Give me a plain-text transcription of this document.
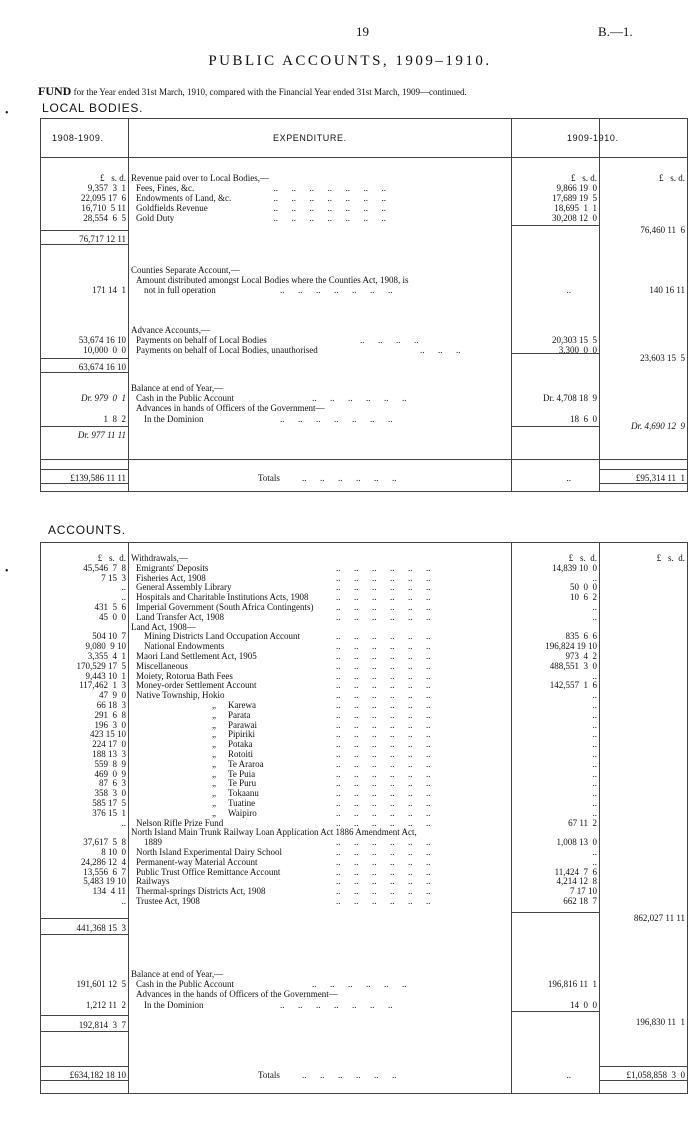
19	B.—1.
PUBLIC ACCOUNTS, 1909–1910.
FUND for the Year ended 31st March, 1910, compared with the Financial Year ended 31st March, 1909—continued.
•	LOCAL BODIES.
1908-1909.	EXPENDITURE.	1909-1910.
£   s. d.	£   s. d.	£   s. d.
Revenue paid over to Local Bodies,—
9,357  3  1 Fees, Fines, &c.	..      ..      ..      ..      ..      ..      ..	9,866 19  0
22,095 17  6 Endowments of Land, &c.	..      ..      ..      ..      ..      ..      ..	17,689 19  5
16,710  5 11 Goldfields Revenue	..      ..      ..      ..      ..      ..      ..	18,695  1  1
28,554  6  5 Gold Duty	..      ..      ..      ..      ..      ..      ..	30,208 12  0
76,717 12 11
76,460 11  6
Counties Separate Account,—
Amount distributed amongst Local Bodies where the Counties Act, 1908, is
not in full operation	..      ..      ..      ..      ..      ..      ..
171 14  1	..	140 16 11
Advance Accounts,—
53,674 16 10 Payments on behalf of Local Bodies	..      ..      ..      ..	20,303 15  5
10,000  0  0 Payments on behalf of Local Bodies, unauthorised	..      ..      ..	3,300  0  0
63,674 16 10
23,603 15  5
Balance at end of Year,—
Dr. 979  0  1 Cash in the Public Account	..      ..      ..      ..      ..      ..	Dr. 4,708 18  9
Advances in hands of Officers of the Government—
1  8  2 In the Dominion	..      ..      ..      ..      ..      ..      ..	18  6  0
Dr. 977 11 11
Dr. 4,690 12  9
£139,586 11 11	Totals ..      ..      ..      ..      ..      ..	..	£95,314 11  1
•
ACCOUNTS.
£   s.  d.	£   s.  d.	£   s.  d.
Withdrawals,—
45,546  7  8 Emigrants' Deposits	..      ..      ..      ..      ..      ..	14,839 10  0
7 15  3 Fisheries Act, 1908	..      ..      ..      ..      ..      ..	..
.. General Assembly Library	..      ..      ..      ..      ..      ..	50  0  0
.. Hospitals and Charitable Institutions Acts, 1908	..      ..      ..      ..      ..      ..	10  6  2
431  5  6 Imperial Government (South Africa Contingents)	..      ..      ..      ..      ..      ..	..
45  0  0 Land Transfer Act, 1908	..      ..      ..      ..      ..      ..	..
Land Act, 1908—
504 10  7 Mining Districts Land Occupation Account	..      ..      ..      ..      ..      ..	835  6  6
9,080  9 10 National Endowments	..      ..      ..      ..      ..      ..	196,824 19 10
3,355  4  1 Maori Land Settlement Act, 1905	..      ..      ..      ..      ..      ..	973  4  2
170,529 17  5 Miscellaneous	..      ..      ..      ..      ..      ..	488,551  3  0
9,443 10  1 Moiety, Rotorua Bath Fees	..      ..      ..      ..      ..      ..	..
117,462  1  3 Money-order Settlement Account	..      ..      ..      ..      ..      ..	142,557  1  6
47  9  0 Native Township, Hokio	..      ..      ..      ..      ..      ..	..
66 18  3	„ Karewa	..      ..      ..      ..      ..      ..	..
291  6  8	„ Parata	..      ..      ..      ..      ..      ..	..
196  3  0	„ Parawai	..      ..      ..      ..      ..      ..	..
423 15 10	„ Pipiriki	..      ..      ..      ..      ..      ..	..
224 17  0	„ Potaka	..      ..      ..      ..      ..      ..	..
188 13  3	„ Rotoiti	..      ..      ..      ..      ..      ..	..
559  8  9	„ Te Araroa	..      ..      ..      ..      ..      ..	..
469  0  9	„ Te Puia	..      ..      ..      ..      ..      ..	..
87  6  3	„ Te Puru	..      ..      ..      ..      ..      ..	..
358  3  0	„ Tokaanu	..      ..      ..      ..      ..      ..	..
585 17  5	„ Tuatine	..      ..      ..      ..      ..      ..	..
376 15  1	„ Waipiro	..      ..      ..      ..      ..      ..	..
.. Nelson Rifle Prize Fund	..      ..      ..      ..      ..      ..	67 11  2
North Island Main Trunk Railway Loan Application Act 1886 Amendment Act,
37,617  5  8 1889	..      ..      ..      ..      ..      ..	1,008 13  0
8 10  0 North Island Experimental Dairy School	..      ..      ..      ..      ..      ..	..
24,286 12  4 Permanent-way Material Account	..      ..      ..      ..      ..      ..	..
13,556  6  7 Public Trust Office Remittance Account	..      ..      ..      ..      ..      ..	11,424  7  6
5,483 19 10 Railways	..      ..      ..      ..      ..      ..	4,214 12  8
134  4 11 Thermal-springs Districts Act, 1908	..      ..      ..      ..      ..      ..	7 17 10
.. Trustee Act, 1908	..      ..      ..      ..      ..      ..	662 18  7
441,368 15  3
862,027 11 11
Balance at end of Year,—
191,601 12  5 Cash in the Public Account	..      ..      ..      ..      ..      ..	196,816 11  1
Advances in the hands of Officers of the Government—
1,212 11  2 In the Dominion	..      ..      ..      ..      ..      ..      ..	14  0  0
192,814  3  7	196,830 11  1
£634,182 18 10	Totals ..      ..      ..      ..      ..      ..	..	£1,058,858  3  0
